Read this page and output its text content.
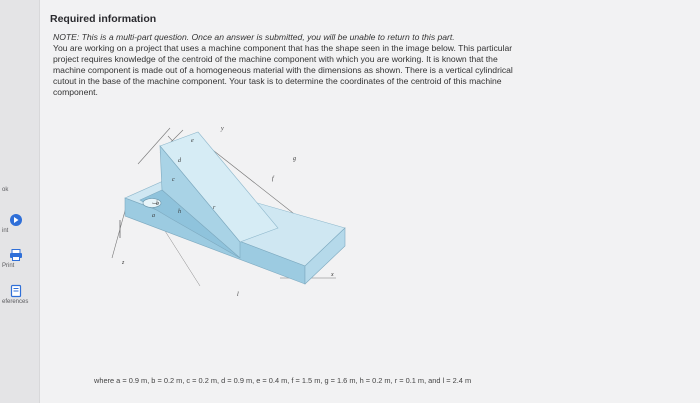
ok
int
Print
eferences
Required information
NOTE: This is a multi-part question. Once an answer is submitted, you will be unable to return to this part.
You are working on a project that uses a machine component that has the shape seen in the image below. This particular
project requires knowledge of the centroid of the machine component with which you are working. It is known that the
machine component is made out of a homogeneous material with the dimensions as shown. There is a vertical cylindrical
cutout in the base of the machine component. Your task is to determine the coordinates of the centroid of this machine
component.
y
x
z
a
b
c
d
e
f
g
h
r
l
where a = 0.9 m, b = 0.2 m, c = 0.2 m, d = 0.9 m, e = 0.4 m, f = 1.5 m, g = 1.6 m, h = 0.2 m, r = 0.1 m, and l = 2.4 m
